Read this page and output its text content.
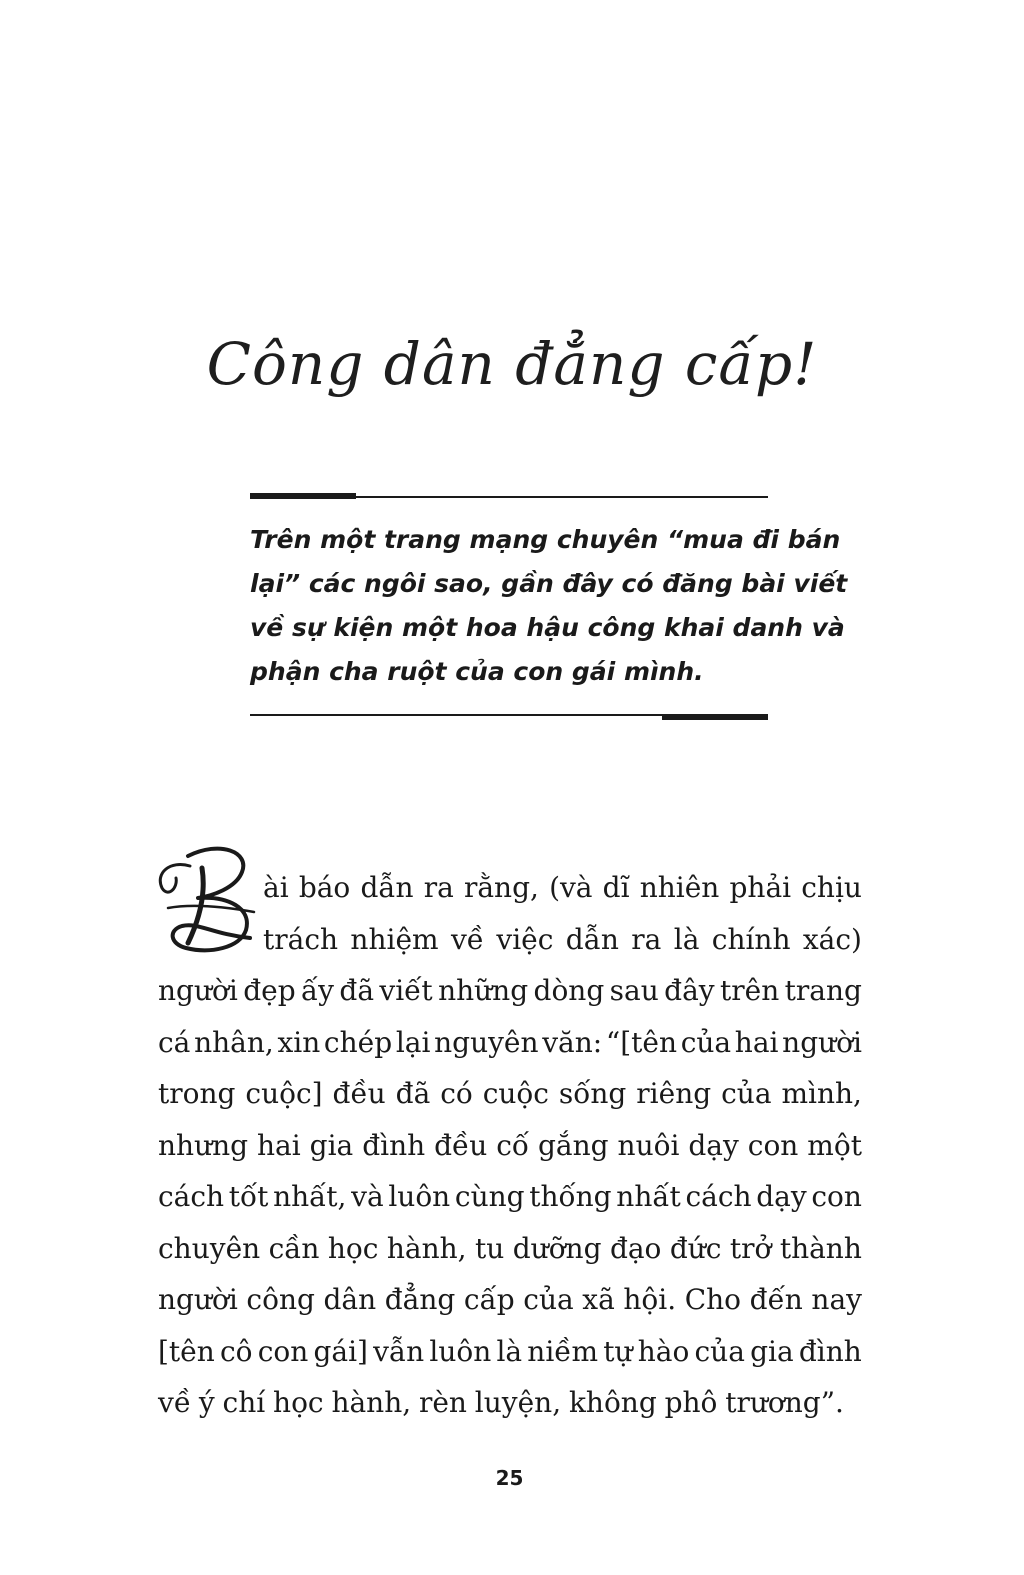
Công dân đẳng cấp!
Trên một trang mạng chuyên “mua đi bán
lại” các ngôi sao, gần đây có đăng bài viết
về sự kiện một hoa hậu công khai danh và
phận cha ruột của con gái mình.
ài báo dẫn ra rằng, (và dĩ nhiên phải chịu
trách nhiệm về việc dẫn ra là chính xác)
người đẹp ấy đã viết những dòng sau đây trên trang
cá nhân, xin chép lại nguyên văn: “[tên của hai người
trong cuộc] đều đã có cuộc sống riêng của mình,
nhưng hai gia đình đều cố gắng nuôi dạy con một
cách tốt nhất, và luôn cùng thống nhất cách dạy con
chuyên cần học hành, tu dưỡng đạo đức trở thành
người công dân đẳng cấp của xã hội. Cho đến nay
[tên cô con gái] vẫn luôn là niềm tự hào của gia đình
về ý chí học hành, rèn luyện, không phô trương”.
25
